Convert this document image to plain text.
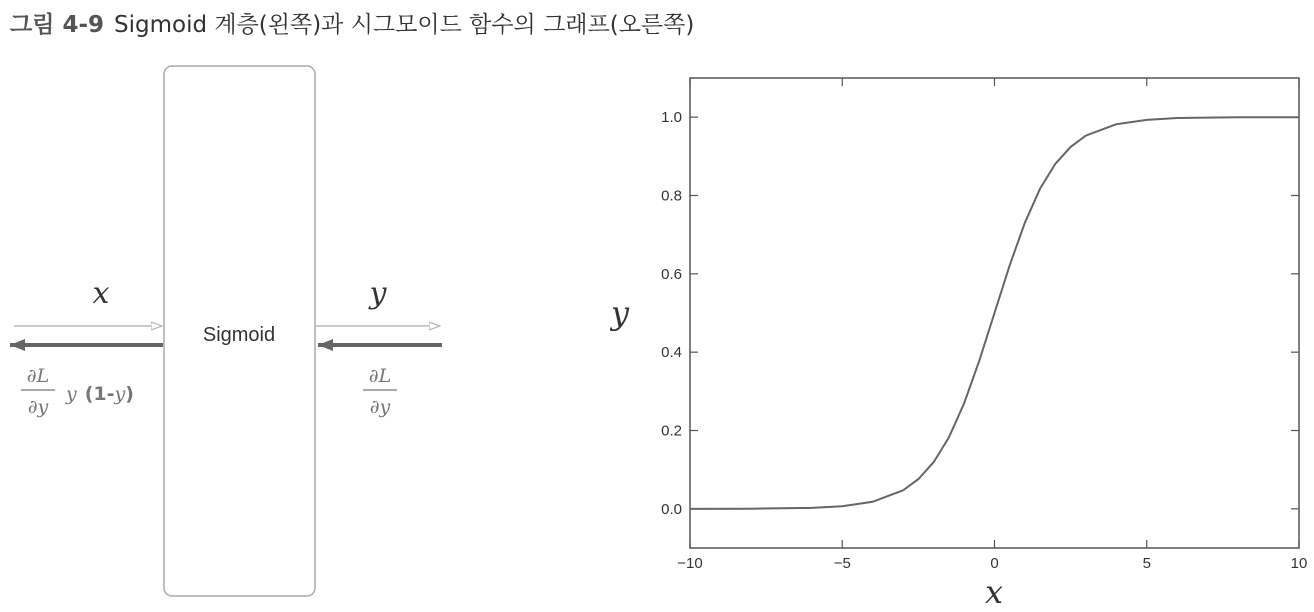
그림 4-9 Sigmoid 계층(왼쪽)과 시그모이드 함수의 그래프(오른쪽)
Sigmoid
x	y
∂L
∂y
∂L
∂y
y (1-y)
−10	−5	0	5	10
0.0
0.2
0.4
0.6
0.8
1.0
x
y
